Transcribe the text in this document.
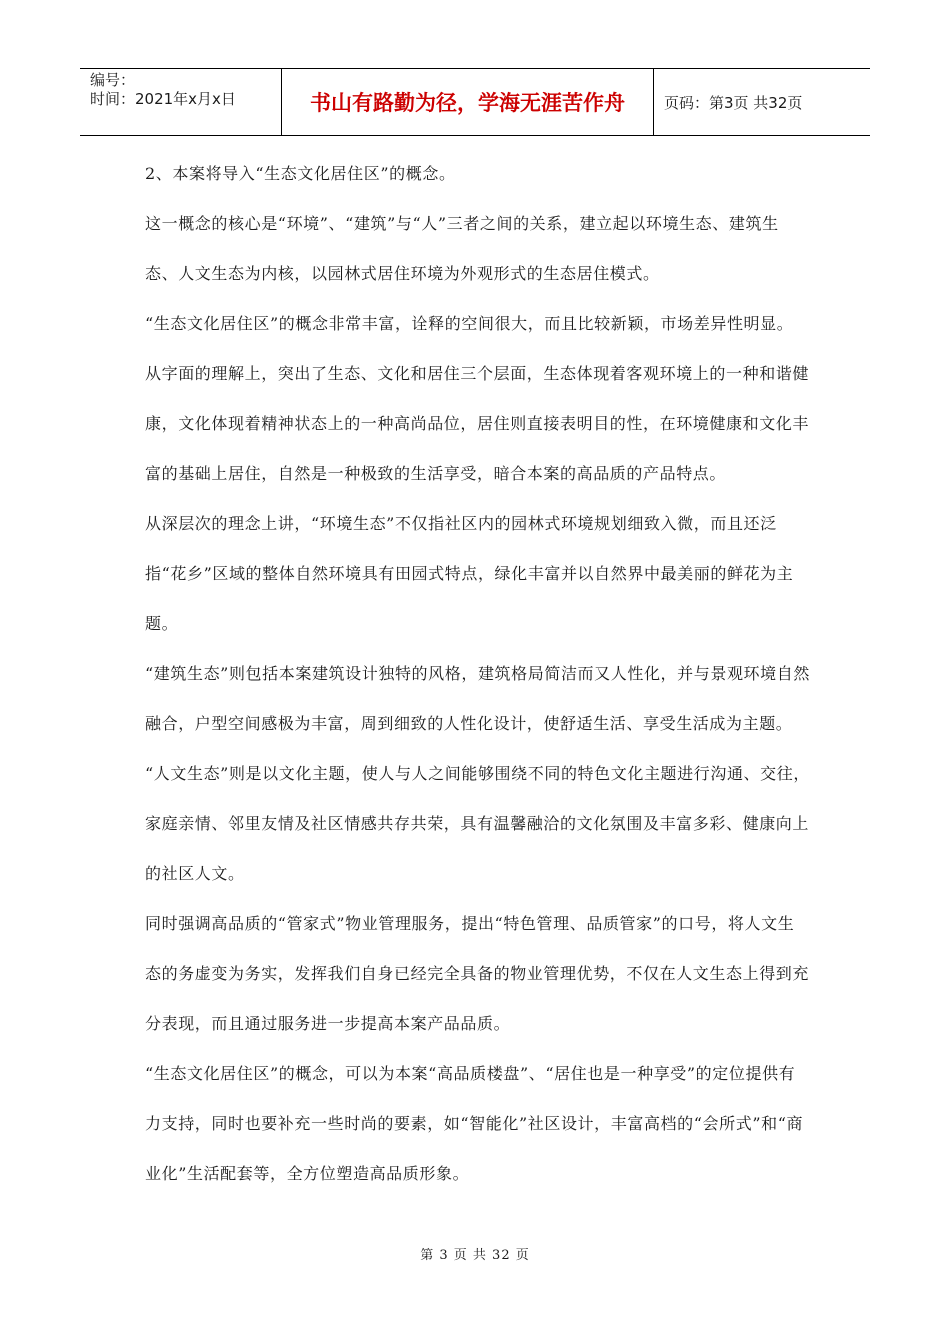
编号：
时间：2021年x月x日	书山有路勤为径，学海无涯苦作舟	页码：第3页 共32页

2、本案将导入“生态文化居住区”的概念。

这一概念的核心是“环境”、“建筑”与“人”三者之间的关系，建立起以环境生态、建筑生态、人文生态为内核，以园林式居住环境为外观形式的生态居住模式。

“生态文化居住区”的概念非常丰富，诠释的空间很大，而且比较新颖，市场差异性明显。

从字面的理解上，突出了生态、文化和居住三个层面，生态体现着客观环境上的一种和谐健康，文化体现着精神状态上的一种高尚品位，居住则直接表明目的性，在环境健康和文化丰富的基础上居住，自然是一种极致的生活享受，暗合本案的高品质的产品特点。

从深层次的理念上讲，“环境生态”不仅指社区内的园林式环境规划细致入微，而且还泛指“花乡”区域的整体自然环境具有田园式特点，绿化丰富并以自然界中最美丽的鲜花为主题。

“建筑生态”则包括本案建筑设计独特的风格，建筑格局简洁而又人性化，并与景观环境自然融合，户型空间感极为丰富，周到细致的人性化设计，使舒适生活、享受生活成为主题。

“人文生态”则是以文化主题，使人与人之间能够围绕不同的特色文化主题进行沟通、交往，家庭亲情、邻里友情及社区情感共存共荣，具有温馨融洽的文化氛围及丰富多彩、健康向上的社区人文。

同时强调高品质的“管家式”物业管理服务，提出“特色管理、品质管家”的口号，将人文生态的务虚变为务实，发挥我们自身已经完全具备的物业管理优势，不仅在人文生态上得到充分表现，而且通过服务进一步提高本案产品品质。

“生态文化居住区”的概念，可以为本案“高品质楼盘”、“居住也是一种享受”的定位提供有力支持，同时也要补充一些时尚的要素，如“智能化”社区设计，丰富高档的“会所式”和“商业化”生活配套等，全方位塑造高品质形象。

第 3 页 共 32 页
